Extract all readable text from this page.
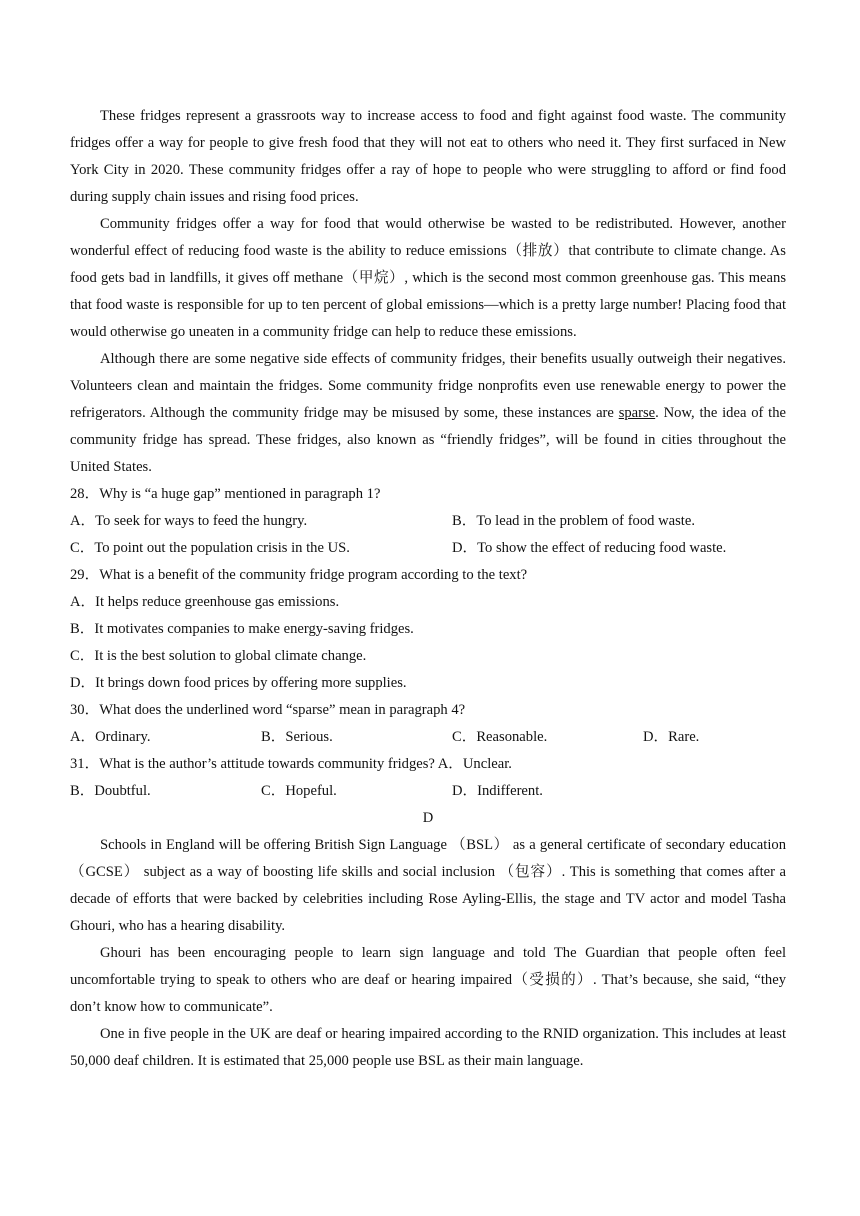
These fridges represent a grassroots way to increase access to food and fight against food waste. The community fridges offer a way for people to give fresh food that they will not eat to others who need it. They first surfaced in New York City in 2020. These community fridges offer a ray of hope to people who were struggling to afford or find food during supply chain issues and rising food prices.

Community fridges offer a way for food that would otherwise be wasted to be redistributed. However, another wonderful effect of reducing food waste is the ability to reduce emissions（排放）that contribute to climate change. As food gets bad in landfills, it gives off methane（甲烷）, which is the second most common greenhouse gas. This means that food waste is responsible for up to ten percent of global emissions—which is a pretty large number! Placing food that would otherwise go uneaten in a community fridge can help to reduce these emissions.

Although there are some negative side effects of community fridges, their benefits usually outweigh their negatives. Volunteers clean and maintain the fridges. Some community fridge nonprofits even use renewable energy to power the refrigerators. Although the community fridge may be misused by some, these instances are sparse. Now, the idea of the community fridge has spread. These fridges, also known as “friendly fridges”, will be found in cities throughout the United States.

28．Why is “a huge gap” mentioned in paragraph 1?

A．To seek for ways to feed the hungry.	B．To lead in the problem of food waste.
C．To point out the population crisis in the US.	D．To show the effect of reducing food waste.

29．What is a benefit of the community fridge program according to the text?

A．It helps reduce greenhouse gas emissions.

B．It motivates companies to make energy-saving fridges.

C．It is the best solution to global climate change.

D．It brings down food prices by offering more supplies.

30．What does the underlined word “sparse” mean in paragraph 4?

A．Ordinary.	B．Serious.	C．Reasonable.	D．Rare.

31．What is the author’s attitude towards community fridges? A．Unclear.

B．Doubtful.	C．Hopeful.	D．Indifferent.

D

Schools in England will be offering British Sign Language （BSL） as a general certificate of secondary education（GCSE） subject as a way of boosting life skills and social inclusion （包容）. This is something that comes after a decade of efforts that were backed by celebrities including Rose Ayling-Ellis, the stage and TV actor and model Tasha Ghouri, who has a hearing disability.

Ghouri has been encouraging people to learn sign language and told The Guardian that people often feel uncomfortable trying to speak to others who are deaf or hearing impaired（受损的）. That’s because, she said, “they don’t know how to communicate”.

One in five people in the UK are deaf or hearing impaired according to the RNID organization. This includes at least 50,000 deaf children. It is estimated that 25,000 people use BSL as their main language.
